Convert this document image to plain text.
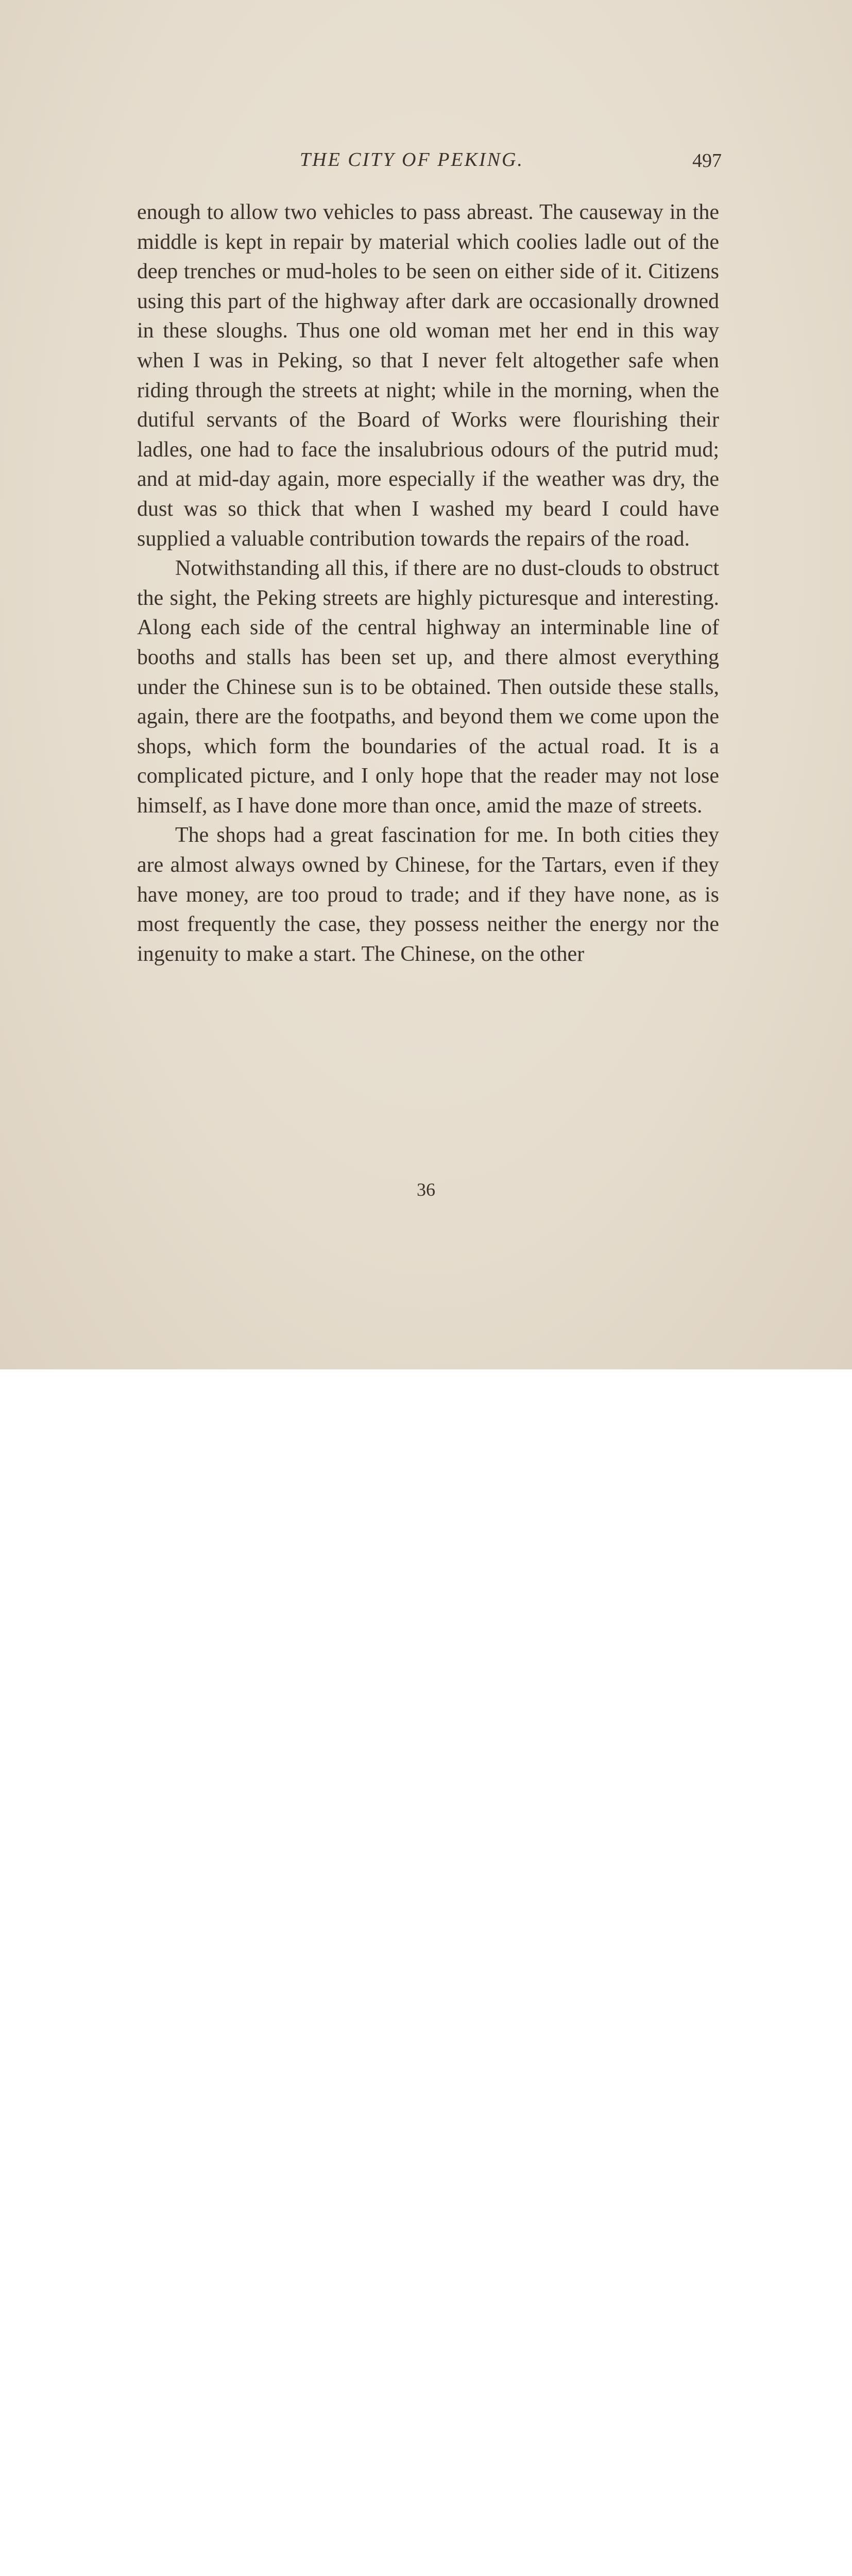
THE CITY OF PEKING.	497

enough to allow two vehicles to pass abreast. The causeway in the middle is kept in repair by material which coolies ladle out of the deep trenches or mud-holes to be seen on either side of it. Citizens using this part of the highway after dark are occasionally drowned in these sloughs. Thus one old woman met her end in this way when I was in Peking, so that I never felt altogether safe when riding through the streets at night; while in the morning, when the dutiful servants of the Board of Works were flourishing their ladles, one had to face the insalubrious odours of the putrid mud; and at mid-day again, more especially if the weather was dry, the dust was so thick that when I washed my beard I could have supplied a valuable contribution towards the repairs of the road.

Notwithstanding all this, if there are no dust-clouds to obstruct the sight, the Peking streets are highly picturesque and interesting. Along each side of the central highway an interminable line of booths and stalls has been set up, and there almost everything under the Chinese sun is to be obtained. Then outside these stalls, again, there are the footpaths, and beyond them we come upon the shops, which form the boundaries of the actual road. It is a complicated picture, and I only hope that the reader may not lose himself, as I have done more than once, amid the maze of streets.

The shops had a great fascination for me. In both cities they are almost always owned by Chinese, for the Tartars, even if they have money, are too proud to trade; and if they have none, as is most frequently the case, they possess neither the energy nor the ingenuity to make a start. The Chinese, on the other

36
